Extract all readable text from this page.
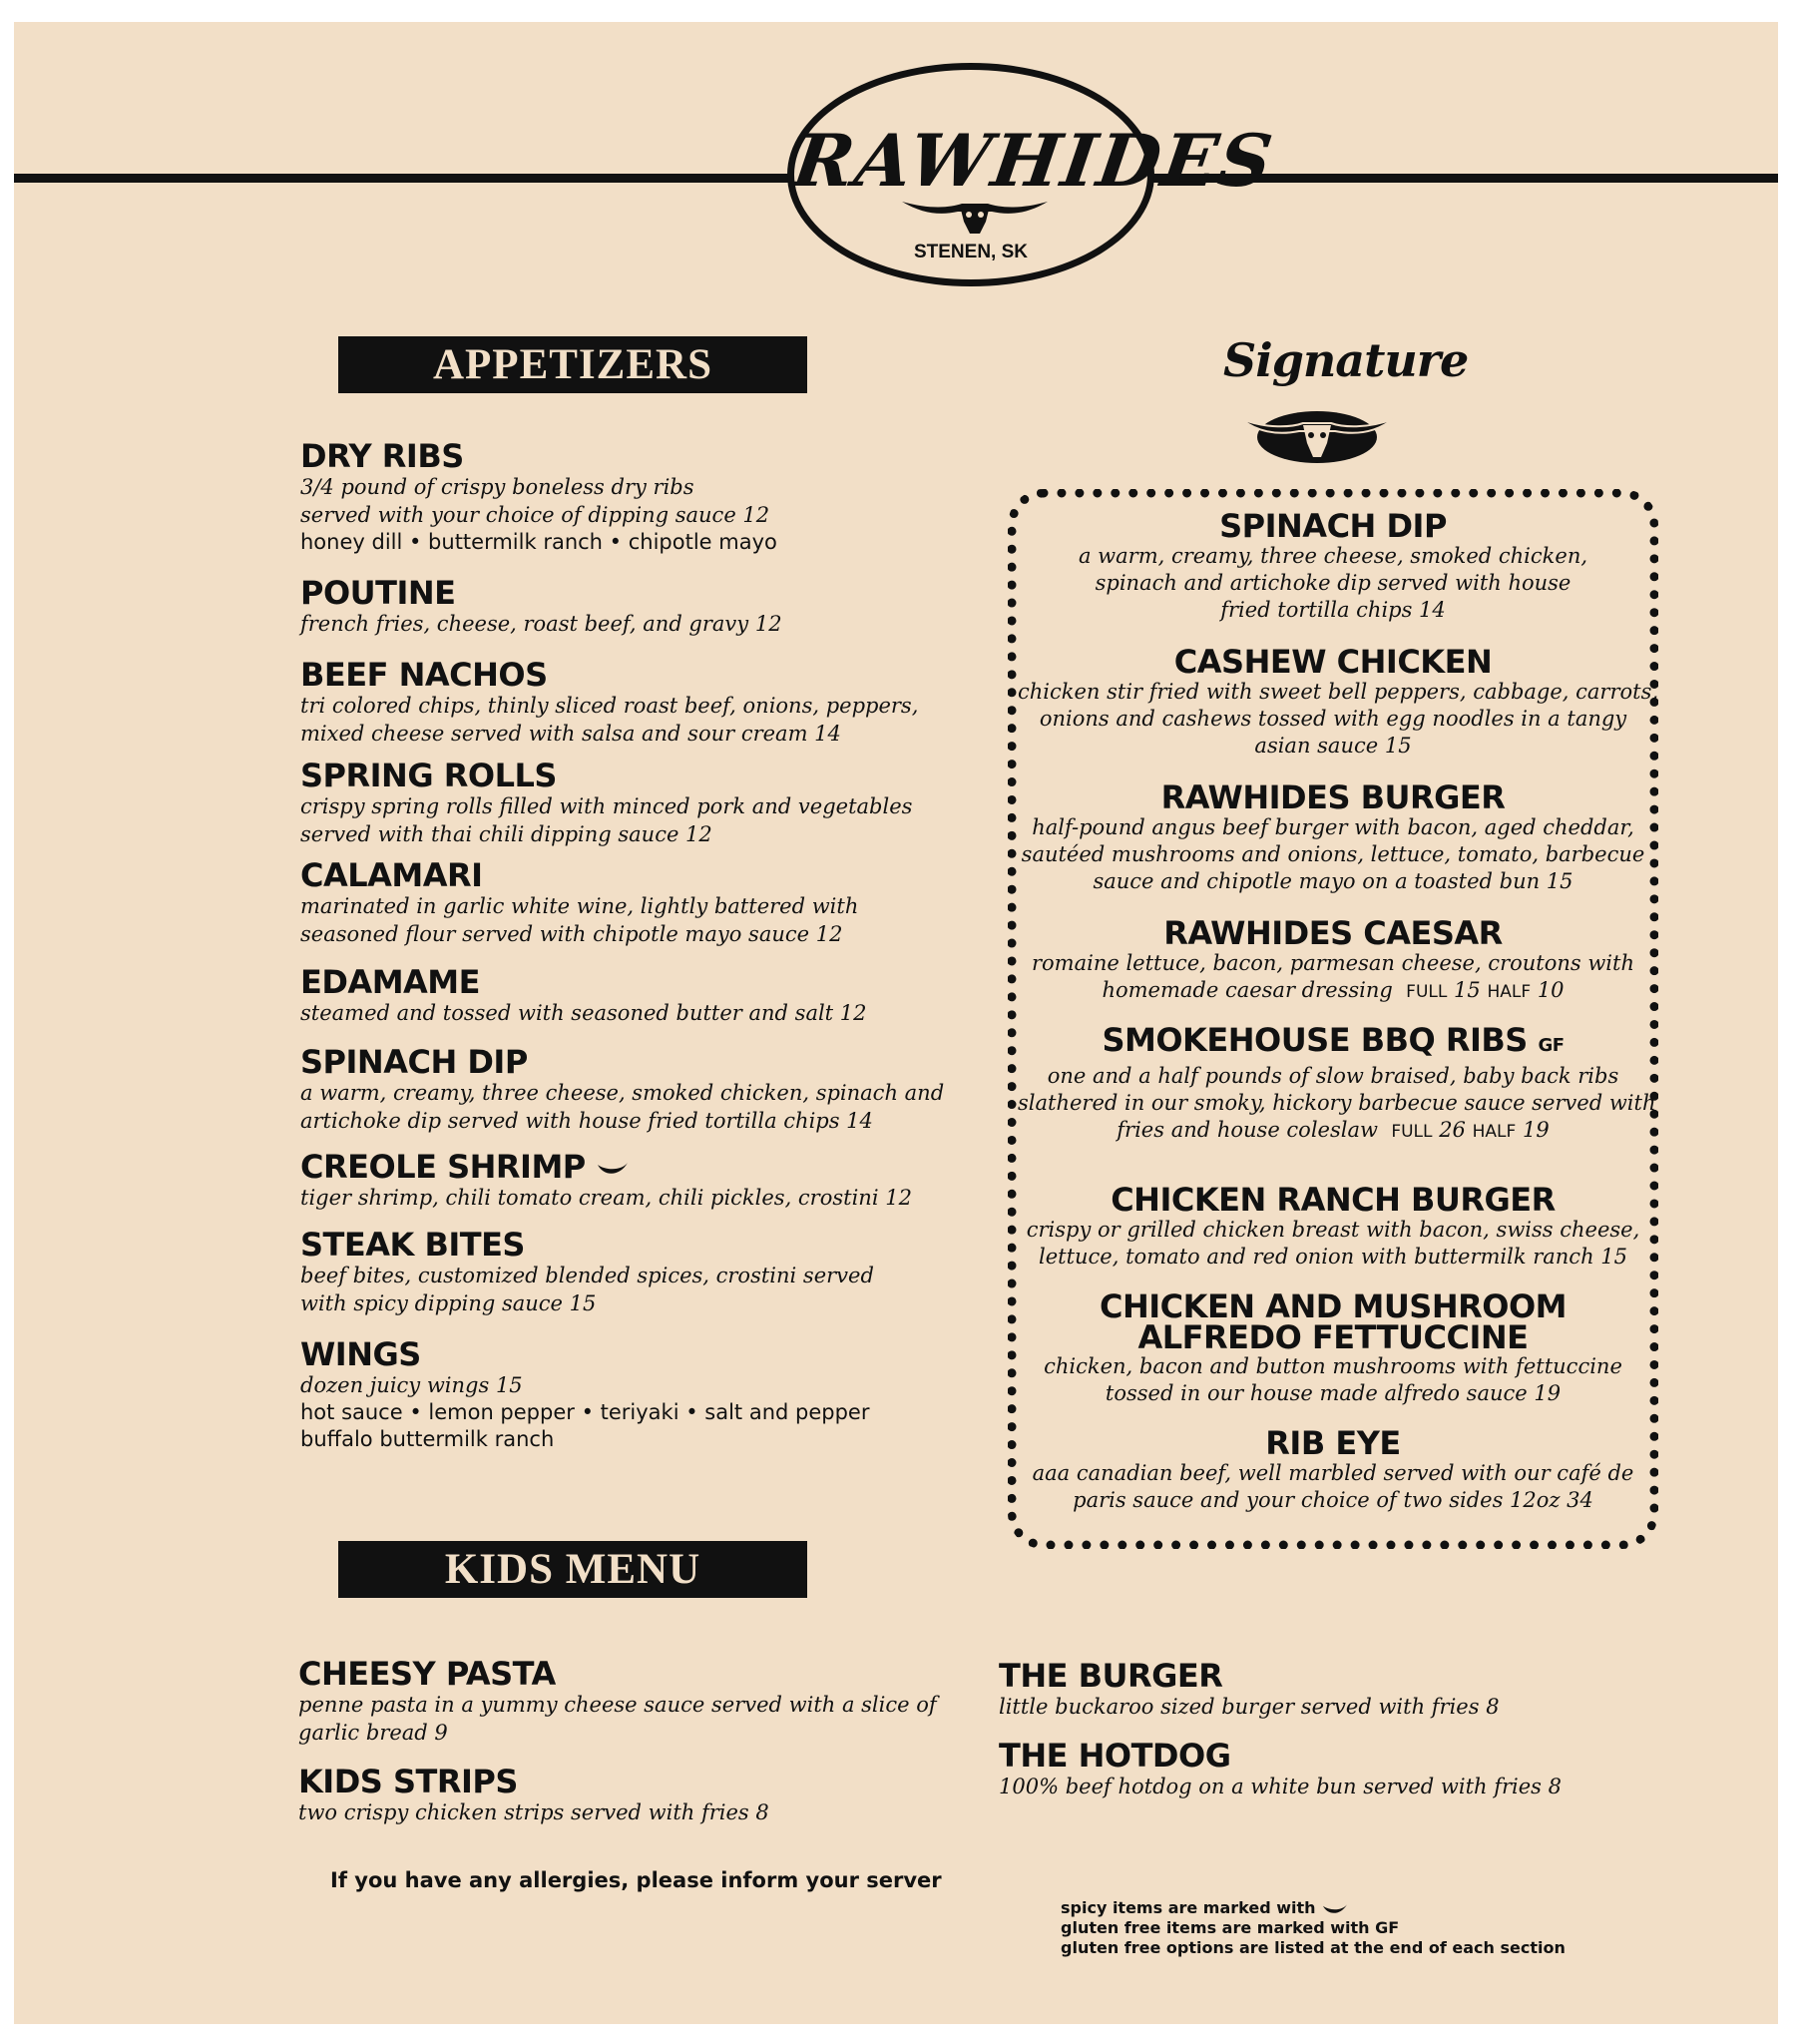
RAWHIDES
STENEN, SK
APPETIZERS
DRY RIBS
3/4 pound of crispy boneless dry ribs
served with your choice of dipping sauce 12
honey dill • buttermilk ranch • chipotle mayo
POUTINE
french fries, cheese, roast beef, and gravy 12
BEEF NACHOS
tri colored chips, thinly sliced roast beef, onions, peppers,
mixed cheese served with salsa and sour cream 14
SPRING ROLLS
crispy spring rolls filled with minced pork and vegetables
served with thai chili dipping sauce 12
CALAMARI
marinated in garlic white wine, lightly battered with
seasoned flour served with chipotle mayo sauce 12
EDAMAME
steamed and tossed with seasoned butter and salt 12
SPINACH DIP
a warm, creamy, three cheese, smoked chicken, spinach and
artichoke dip served with house fried tortilla chips 14
CREOLE SHRIMP
tiger shrimp, chili tomato cream, chili pickles, crostini 12
STEAK BITES
beef bites, customized blended spices, crostini served
with spicy dipping sauce 15
WINGS
dozen juicy wings 15
hot sauce • lemon pepper • teriyaki • salt and pepper
buffalo buttermilk ranch
Signature
SPINACH DIP
a warm, creamy, three cheese, smoked chicken,
spinach and artichoke dip served with house
fried tortilla chips 14
CASHEW CHICKEN
chicken stir fried with sweet bell peppers, cabbage, carrots,
onions and cashews tossed with egg noodles in a tangy
asian sauce 15
RAWHIDES BURGER
half-pound angus beef burger with bacon, aged cheddar,
sautéed mushrooms and onions, lettuce, tomato, barbecue
sauce and chipotle mayo on a toasted bun 15
RAWHIDES CAESAR
romaine lettuce, bacon, parmesan cheese, croutons with
homemade caesar dressing FULL 15 HALF 10
SMOKEHOUSE BBQ RIBS GF
one and a half pounds of slow braised, baby back ribs
slathered in our smoky, hickory barbecue sauce served with
fries and house coleslaw FULL 26 HALF 19
CHICKEN RANCH BURGER
crispy or grilled chicken breast with bacon, swiss cheese,
lettuce, tomato and red onion with buttermilk ranch 15
CHICKEN AND MUSHROOM
ALFREDO FETTUCCINE
chicken, bacon and button mushrooms with fettuccine
tossed in our house made alfredo sauce 19
RIB EYE
aaa canadian beef, well marbled served with our café de
paris sauce and your choice of two sides 12oz 34
KIDS MENU
CHEESY PASTA
penne pasta in a yummy cheese sauce served with a slice of
garlic bread 9
KIDS STRIPS
two crispy chicken strips served with fries 8
THE BURGER
little buckaroo sized burger served with fries 8
THE HOTDOG
100% beef hotdog on a white bun served with fries 8
If you have any allergies, please inform your server
spicy items are marked with
gluten free items are marked with GF
gluten free options are listed at the end of each section
